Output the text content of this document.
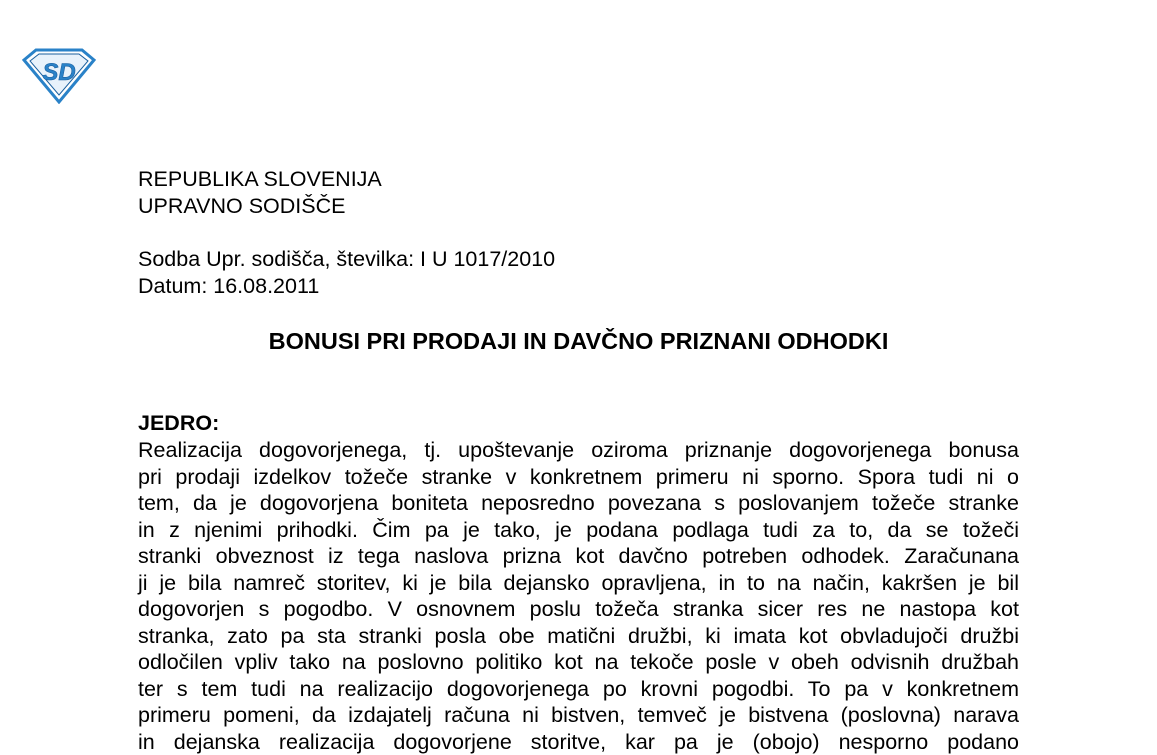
SD
REPUBLIKA SLOVENIJA
UPRAVNO SODIŠČE
Sodba Upr. sodišča, številka: I U 1017/2010
Datum: 16.08.2011
BONUSI PRI PRODAJI IN DAVČNO PRIZNANI ODHODKI
JEDRO:
Realizacija dogovorjenega, tj. upoštevanje oziroma priznanje dogovorjenega bonusa
pri prodaji izdelkov tožeče stranke v konkretnem primeru ni sporno. Spora tudi ni o
tem, da je dogovorjena boniteta neposredno povezana s poslovanjem tožeče stranke
in z njenimi prihodki. Čim pa je tako, je podana podlaga tudi za to, da se tožeči
stranki obveznost iz tega naslova prizna kot davčno potreben odhodek. Zaračunana
ji je bila namreč storitev, ki je bila dejansko opravljena, in to na način, kakršen je bil
dogovorjen s pogodbo. V osnovnem poslu tožeča stranka sicer res ne nastopa kot
stranka, zato pa sta stranki posla obe matični družbi, ki imata kot obvladujoči družbi
odločilen vpliv tako na poslovno politiko kot na tekoče posle v obeh odvisnih družbah
ter s tem tudi na realizacijo dogovorjenega po krovni pogodbi. To pa v konkretnem
primeru pomeni, da izdajatelj računa ni bistven, temveč je bistvena (poslovna) narava
in dejanska realizacija dogovorjene storitve, kar pa je (obojo) nesporno podano
